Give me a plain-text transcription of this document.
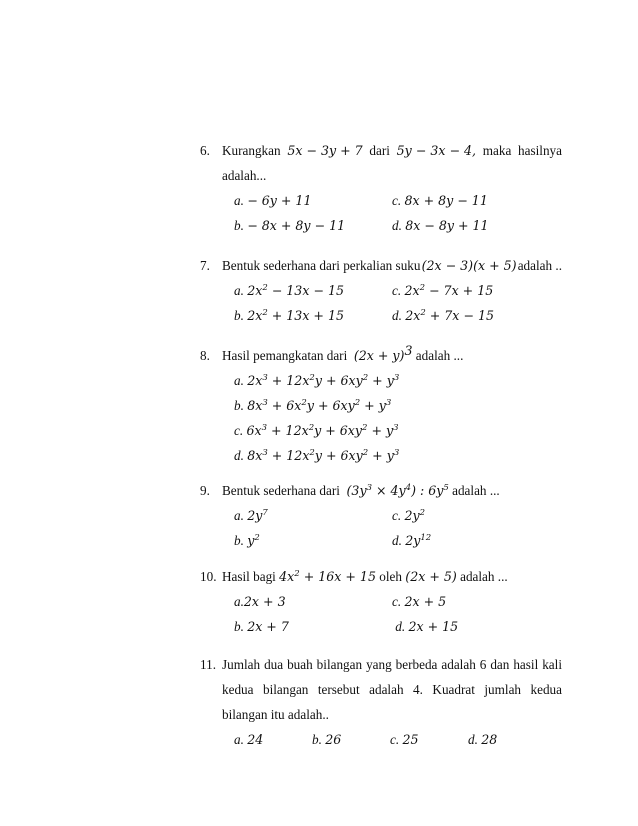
6. Kurangkan 5x − 3y + 7 dari 5y − 3x − 4, maka hasilnya
adalah...
a. − 6y + 11	c. 8x + 8y − 11
b. − 8x + 8y − 11	d. 8x − 8y + 11
7. Bentuk sederhana dari perkalian suku (2x − 3)(x + 5) adalah ..
a. $2x^2 - 13x - 15$	c. $2x^2 - 7x + 15$
b. $2x^2 + 13x + 15$	d. $2x^2 + 7x - 15$
8. Hasil pemangkatan dari $(2x + y)^3$ adalah ...
a.
$2x^3 + 12x^2y + 6xy^2 + y^3$
b.
$8x^3 + 6x^2y + 6xy^2 + y^3$
c.
$6x^3 + 12x^2y + 6xy^2 + y^3$
d.
$8x^3 + 12x^2y + 6xy^2 + y^3$
9. Bentuk sederhana dari $(3y^3 \times 4y^4)$ : $6y^5$ adalah ...
a. $2y^7$	c. $2y^2$
b. $y^2$	d. $2y^{12}$
10. Hasil bagi $4x^2 + 16x + 15$ oleh (2x + 5) adalah ...
a.2x + 3	c. 2x + 5
b. 2x + 7	d. 2x + 15
11. Jumlah dua buah bilangan yang berbeda adalah 6 dan hasil kali
kedua bilangan tersebut adalah 4. Kuadrat jumlah kedua
bilangan itu adalah..
a. 24	b. 26	c. 25	d. 28
